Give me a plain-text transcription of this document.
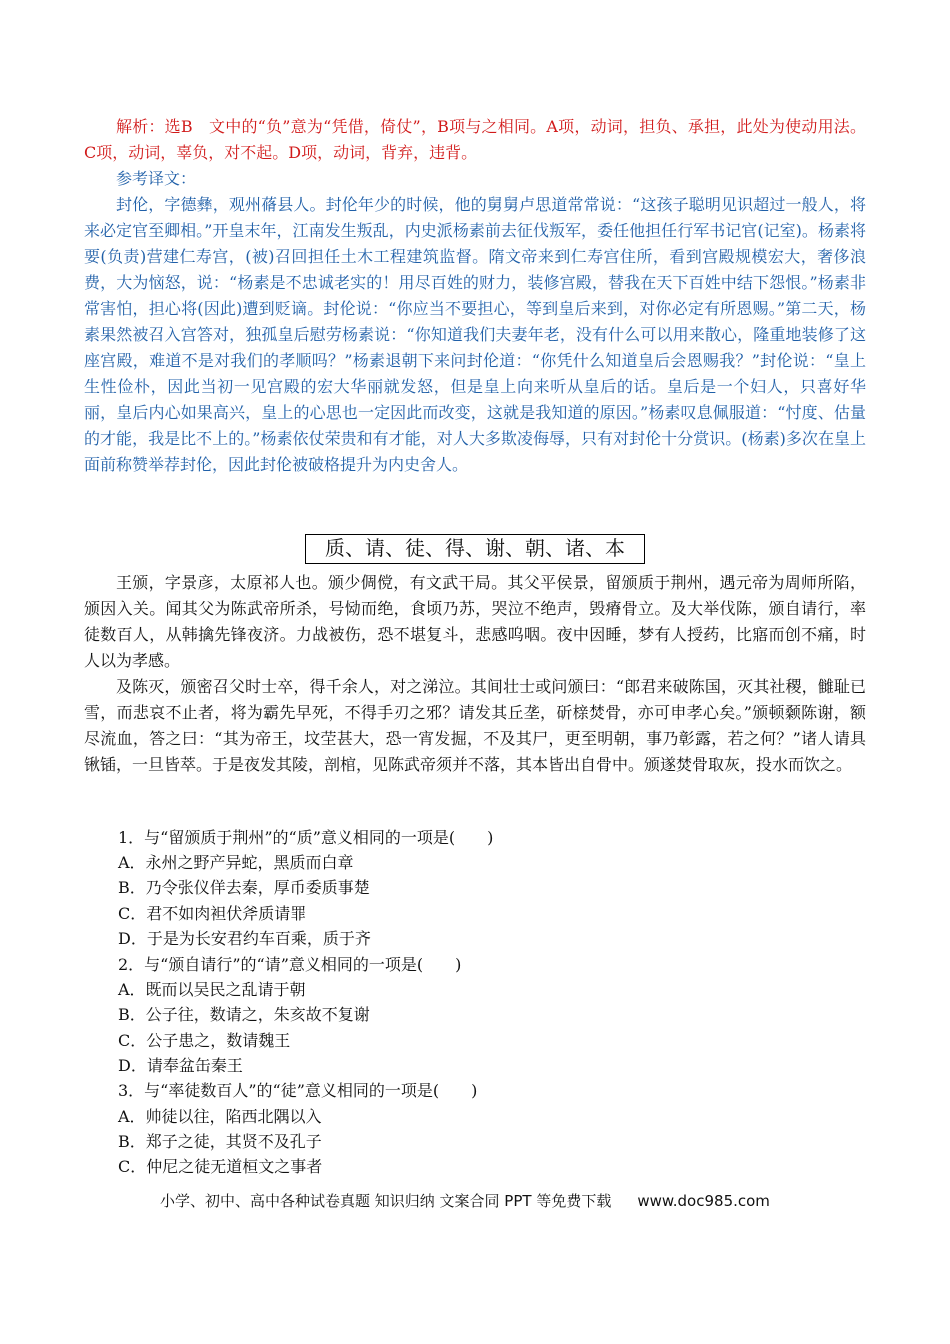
解析：选B　文中的“负”意为“凭借，倚仗”，B项与之相同。A项，动词，担负、承担，此处为使动用法。C项，动词，辜负，对不起。D项，动词，背弃，违背。

参考译文：

封伦，字德彝，观州蓨县人。封伦年少的时候，他的舅舅卢思道常常说：“这孩子聪明见识超过一般人，将来必定官至卿相。”开皇末年，江南发生叛乱，内史派杨素前去征伐叛军，委任他担任行军书记官(记室)。杨素将要(负责)营建仁寿宫，(被)召回担任土木工程建筑监督。隋文帝来到仁寿宫住所，看到宫殿规模宏大，奢侈浪费，大为恼怒，说：“杨素是不忠诚老实的！用尽百姓的财力，装修宫殿，替我在天下百姓中结下怨恨。”杨素非常害怕，担心将(因此)遭到贬谪。封伦说：“你应当不要担心，等到皇后来到，对你必定有所恩赐。”第二天，杨素果然被召入宫答对，独孤皇后慰劳杨素说：“你知道我们夫妻年老，没有什么可以用来散心，隆重地装修了这座宫殿，难道不是对我们的孝顺吗？”杨素退朝下来问封伦道：“你凭什么知道皇后会恩赐我？”封伦说：“皇上生性俭朴，因此当初一见宫殿的宏大华丽就发怒，但是皇上向来听从皇后的话。皇后是一个妇人，只喜好华丽，皇后内心如果高兴，皇上的心思也一定因此而改变，这就是我知道的原因。”杨素叹息佩服道：“忖度、估量的才能，我是比不上的。”杨素依仗荣贵和有才能，对人大多欺凌侮辱，只有对封伦十分赏识。(杨素)多次在皇上面前称赞举荐封伦，因此封伦被破格提升为内史舍人。

质、请、徒、得、谢、朝、诸、本

王颁，字景彦，太原祁人也。颁少倜傥，有文武干局。其父平侯景，留颁质于荆州，遇元帝为周师所陷，颁因入关。闻其父为陈武帝所杀，号恸而绝，食顷乃苏，哭泣不绝声，毁瘠骨立。及大举伐陈，颁自请行，率徒数百人，从韩擒先锋夜济。力战被伤，恐不堪复斗，悲感呜咽。夜中因睡，梦有人授药，比寤而创不痛，时人以为孝感。

及陈灭，颁密召父时士卒，得千余人，对之涕泣。其间壮士或问颁曰：“郎君来破陈国，灭其社稷，雠耻已雪，而悲哀不止者，将为霸先早死，不得手刃之邪？请发其丘垄，斫榇焚骨，亦可申孝心矣。”颁顿颡陈谢，额尽流血，答之曰：“其为帝王，坟茔甚大，恐一宵发掘，不及其尸，更至明朝，事乃彰露，若之何？”诸人请具锹锸，一旦皆萃。于是夜发其陵，剖棺，见陈武帝须并不落，其本皆出自骨中。颁遂焚骨取灰，投水而饮之。

1．与“留颁质于荆州”的“质”意义相同的一项是(　　)
A．永州之野产异蛇，黑质而白章
B．乃令张仪佯去秦，厚币委质事楚
C．君不如肉袒伏斧质请罪
D．于是为长安君约车百乘，质于齐
2．与“颁自请行”的“请”意义相同的一项是(　　)
A．既而以吴民之乱请于朝
B．公子往，数请之，朱亥故不复谢
C．公子患之，数请魏王
D．请奉盆缶秦王
3．与“率徒数百人”的“徒”意义相同的一项是(　　)
A．帅徒以往，陷西北隅以入
B．郑子之徒，其贤不及孔子
C．仲尼之徒无道桓文之事者
小学、初中、高中各种试卷真题 知识归纳 文案合同 PPT 等免费下载 www.doc985.com
